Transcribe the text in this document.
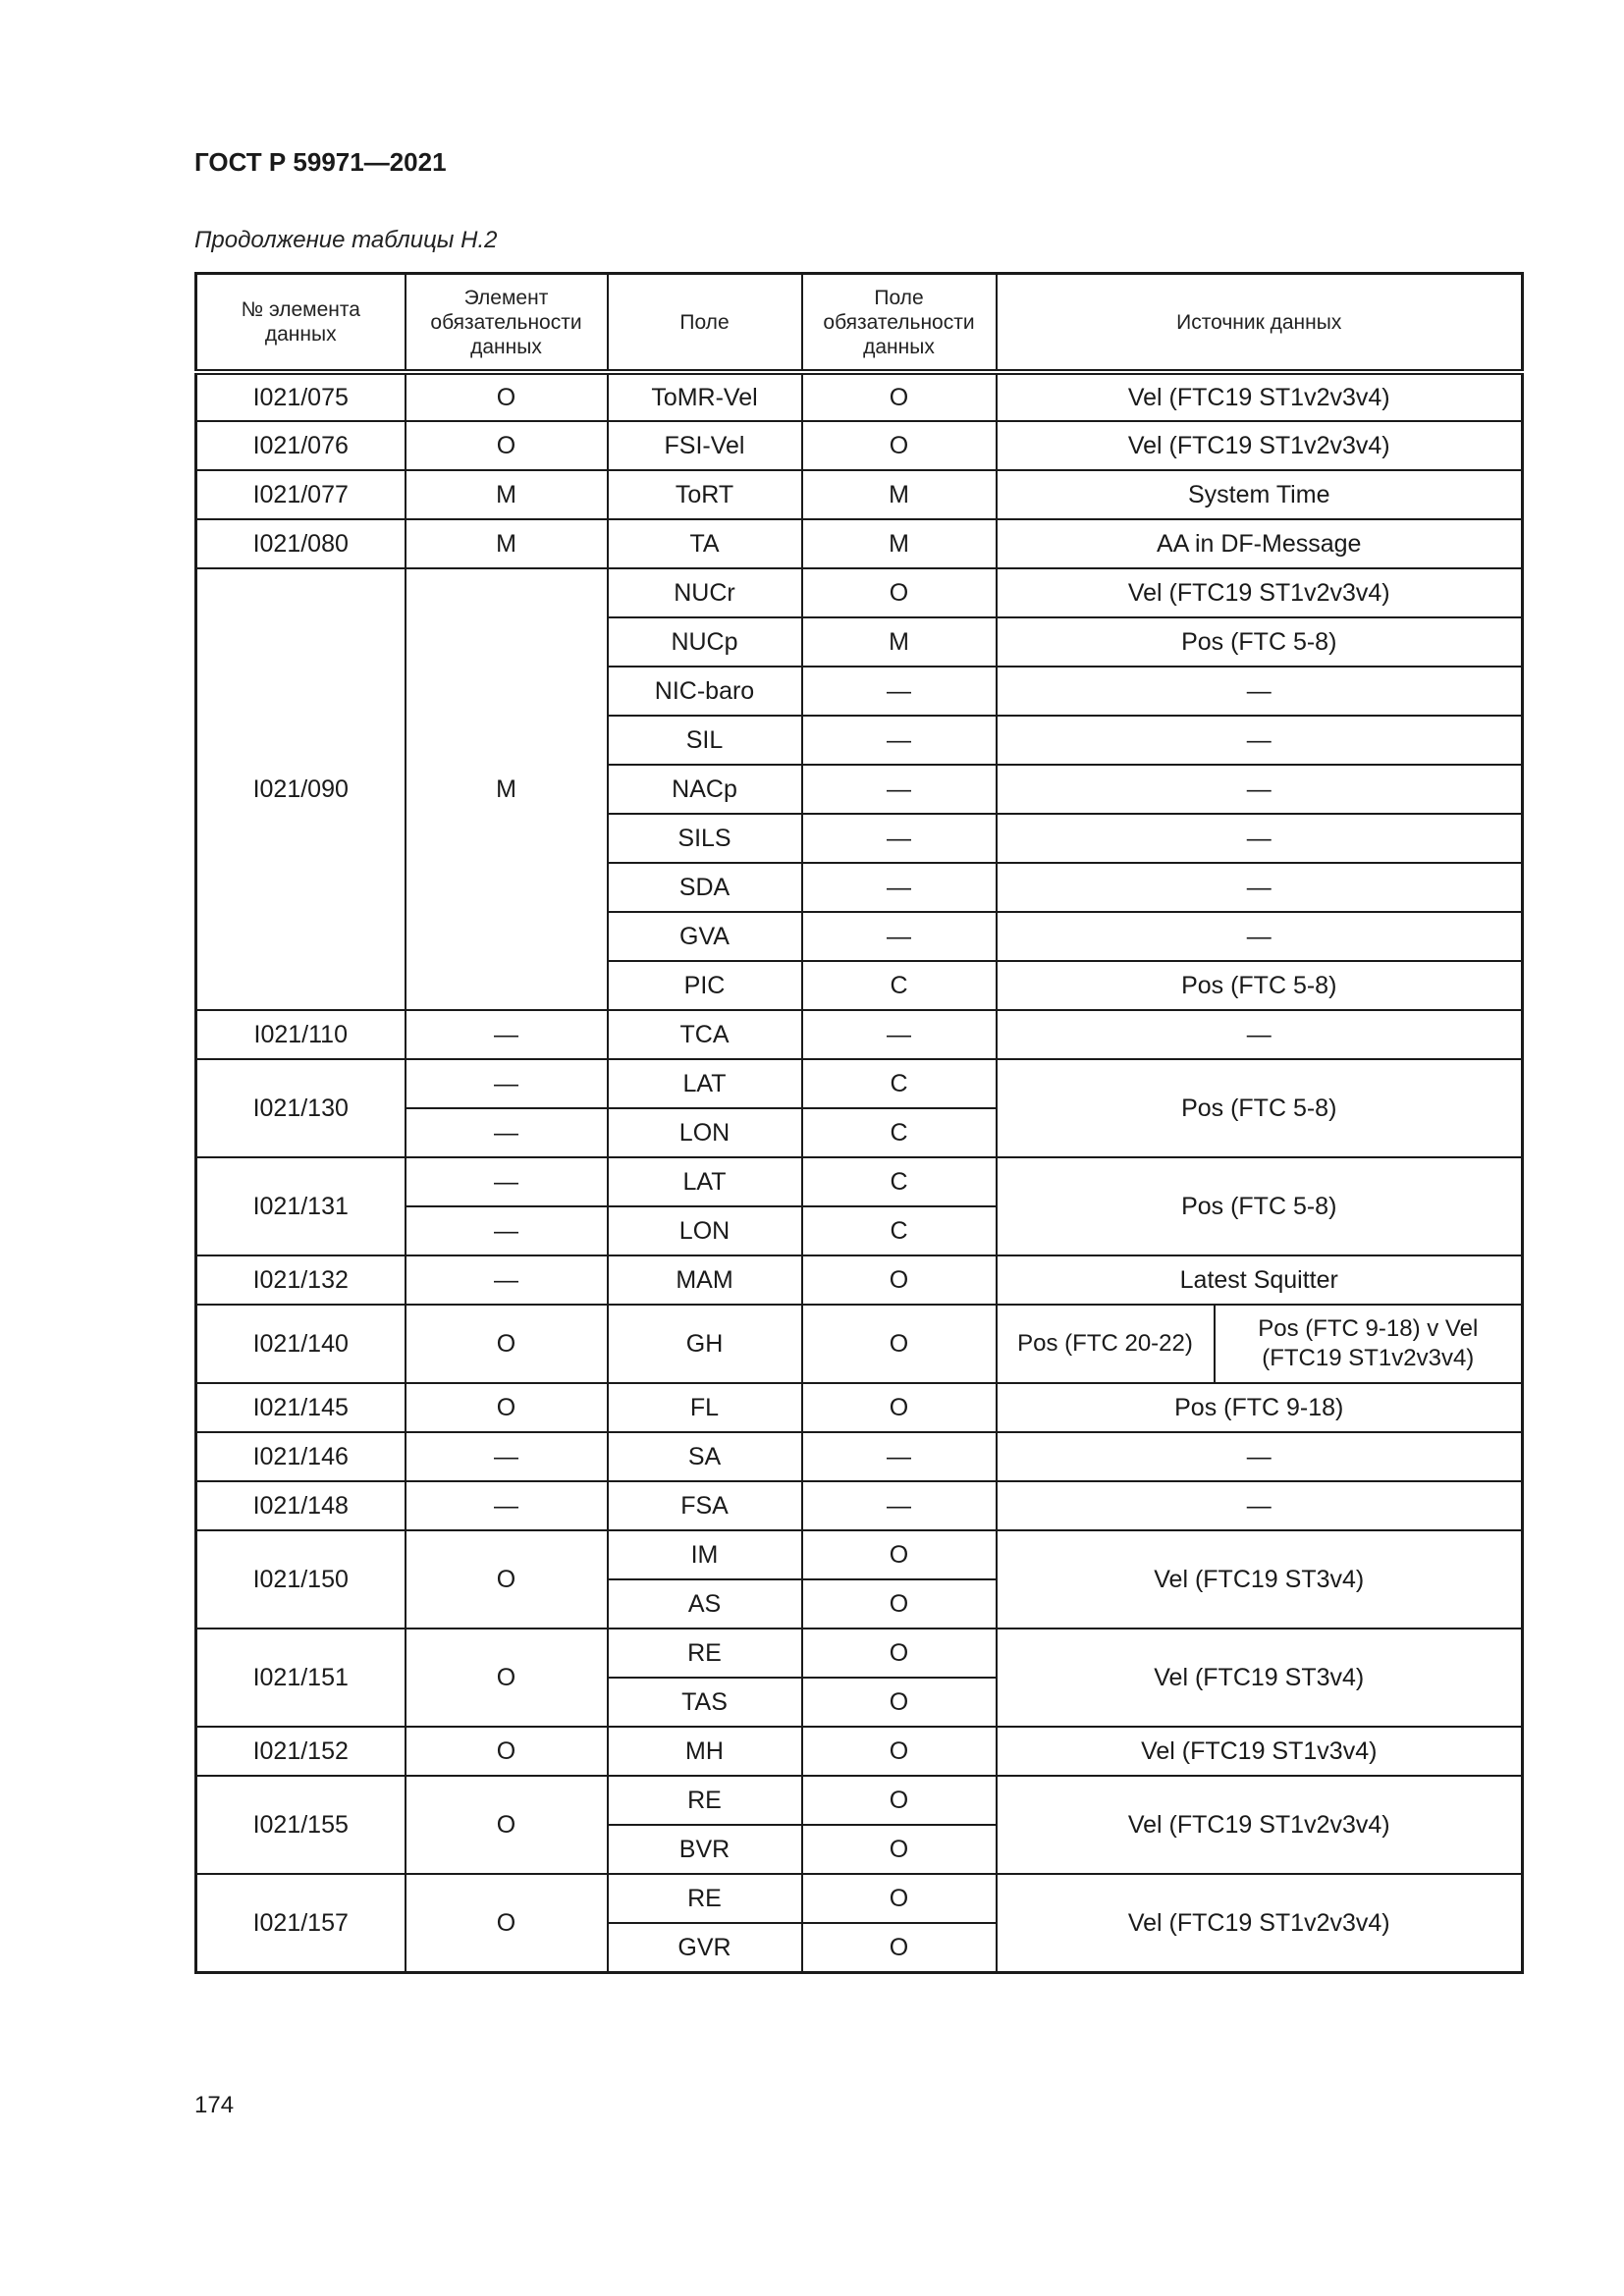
ГОСТ Р 59971—2021
Продолжение таблицы Н.2
№ элемента данных	Элемент обязательности данных	Поле	Поле обязательности данных	Источник данных	
I021/075	O	ToMR-Vel	O	Vel (FTC19 ST1v2v3v4)	
I021/076	O	FSI-Vel	O	Vel (FTC19 ST1v2v3v4)	
I021/077	M	ToRT	M	System Time	
I021/080	M	TA	M	AA in DF-Message	
I021/090	M	NUCr	O	Vel (FTC19 ST1v2v3v4)	
		NUCp	M	Pos (FTC 5-8)	
		NIC-baro	—	—	
		SIL	—	—	
		NACp	—	—	
		SILS	—	—	
		SDA	—	—	
		GVA	—	—	
		PIC	C	Pos (FTC 5-8)	
I021/110	—	TCA	—	—	
I021/130	—	LAT	C	Pos (FTC 5-8)	
	—	LON	C		
I021/131	—	LAT	C	Pos (FTC 5-8)	
	—	LON	C		
I021/132	—	MAM	O	Latest Squitter	
I021/140	O	GH	O	Pos (FTC 20-22)	Pos (FTC 9-18) v Vel (FTC19 ST1v2v3v4)
I021/145	O	FL	O	Pos (FTC 9-18)	
I021/146	—	SA	—	—	
I021/148	—	FSA	—	—	
I021/150	O	IM	O	Vel (FTC19 ST3v4)	
		AS	O		
I021/151	O	RE	O	Vel (FTC19 ST3v4)	
		TAS	O		
I021/152	O	MH	O	Vel (FTC19 ST1v3v4)	
I021/155	O	RE	O	Vel (FTC19 ST1v2v3v4)	
		BVR	O		
I021/157	O	RE	O	Vel (FTC19 ST1v2v3v4)	
		GVR	O		
174
